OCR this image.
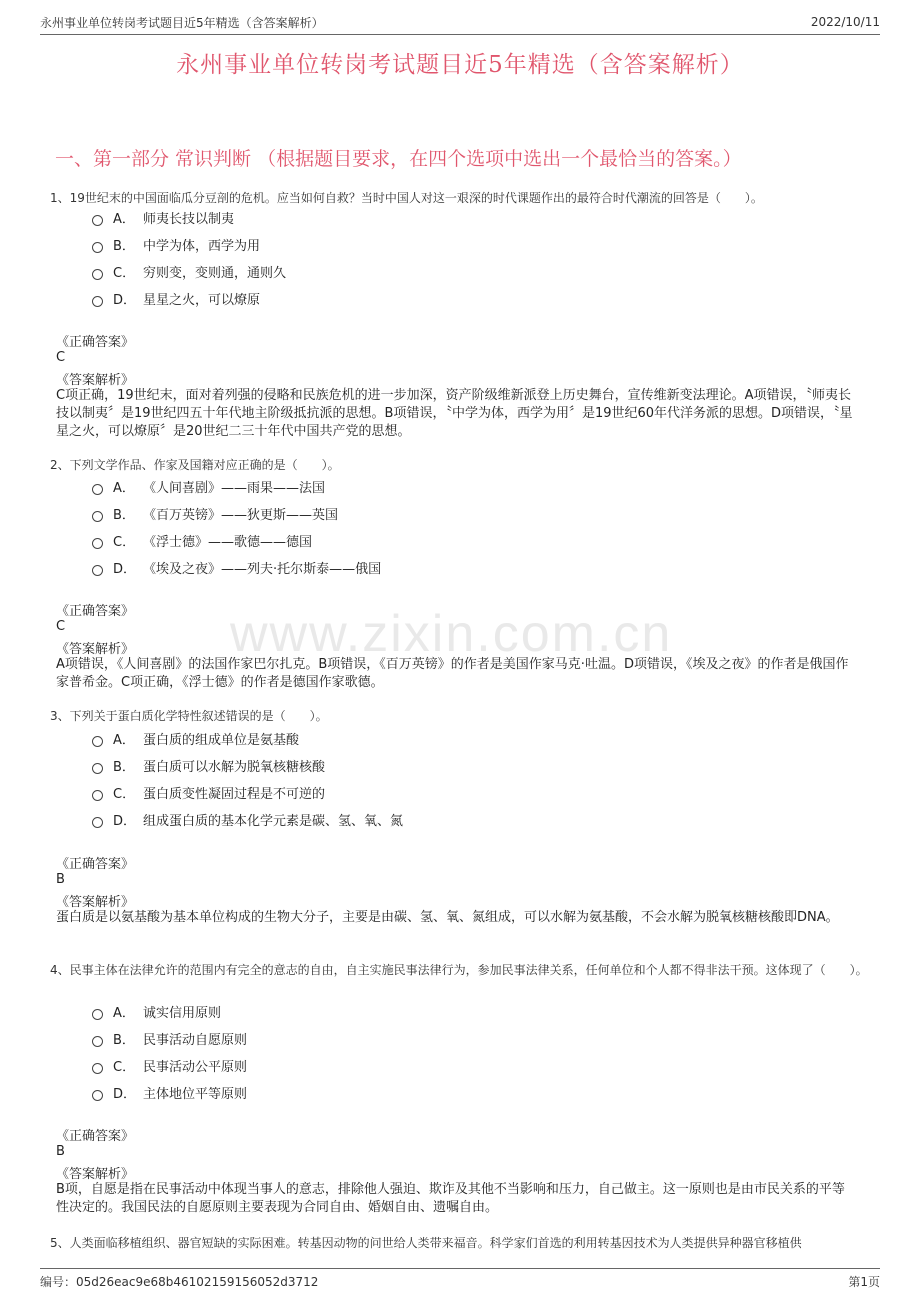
永州事业单位转岗考试题目近5年精选（含答案解析）	2022/10/11
永州事业单位转岗考试题目近5年精选（含答案解析）
一、第一部分 常识判断 （根据题目要求，在四个选项中选出一个最恰当的答案。）
www.zixin.com.cn
1、19世纪末的中国面临瓜分豆剖的危机。应当如何自救？当时中国人对这一艰深的时代课题作出的最符合时代潮流的回答是（　　）。
A． 师夷长技以制夷
B． 中学为体，西学为用
C． 穷则变，变则通，通则久
D． 星星之火，可以燎原
《正确答案》
C
《答案解析》
C项正确，19世纪末，面对着列强的侵略和民族危机的进一步加深，资产阶级维新派登上历史舞台，宣传维新变法理论。A项错误，〝师夷长技以制夷〞是19世纪四五十年代地主阶级抵抗派的思想。B项错误，〝中学为体，西学为用〞是19世纪60年代洋务派的思想。D项错误，〝星星之火，可以燎原〞是20世纪二三十年代中国共产党的思想。
2、下列文学作品、作家及国籍对应正确的是（　　）。
A． 《人间喜剧》——雨果——法国
B． 《百万英镑》——狄更斯——英国
C． 《浮士德》——歌德——德国
D． 《埃及之夜》——列夫·托尔斯泰——俄国
《正确答案》
C
《答案解析》
A项错误，《人间喜剧》的法国作家巴尔扎克。B项错误，《百万英镑》的作者是美国作家马克·吐温。D项错误，《埃及之夜》的作者是俄国作家普希金。C项正确，《浮士德》的作者是德国作家歌德。
3、下列关于蛋白质化学特性叙述错误的是（　　）。
A． 蛋白质的组成单位是氨基酸
B． 蛋白质可以水解为脱氧核糖核酸
C． 蛋白质变性凝固过程是不可逆的
D． 组成蛋白质的基本化学元素是碳、氢、氧、氮
《正确答案》
B
《答案解析》
蛋白质是以氨基酸为基本单位构成的生物大分子，主要是由碳、氢、氧、氮组成，可以水解为氨基酸，不会水解为脱氧核糖核酸即DNA。
4、民事主体在法律允许的范围内有完全的意志的自由，自主实施民事法律行为，参加民事法律关系，任何单位和个人都不得非法干预。这体现了（　　）。
A． 诚实信用原则
B． 民事活动自愿原则
C． 民事活动公平原则
D． 主体地位平等原则
《正确答案》
B
《答案解析》
B项，自愿是指在民事活动中体现当事人的意志，排除他人强迫、欺诈及其他不当影响和压力，自己做主。这一原则也是由市民关系的平等性决定的。我国民法的自愿原则主要表现为合同自由、婚姻自由、遗嘱自由。
5、人类面临移植组织、器官短缺的实际困难。转基因动物的问世给人类带来福音。科学家们首选的利用转基因技术为人类提供异种器官移植供
编号：05d26eac9e68b46102159156052d3712	第1页
